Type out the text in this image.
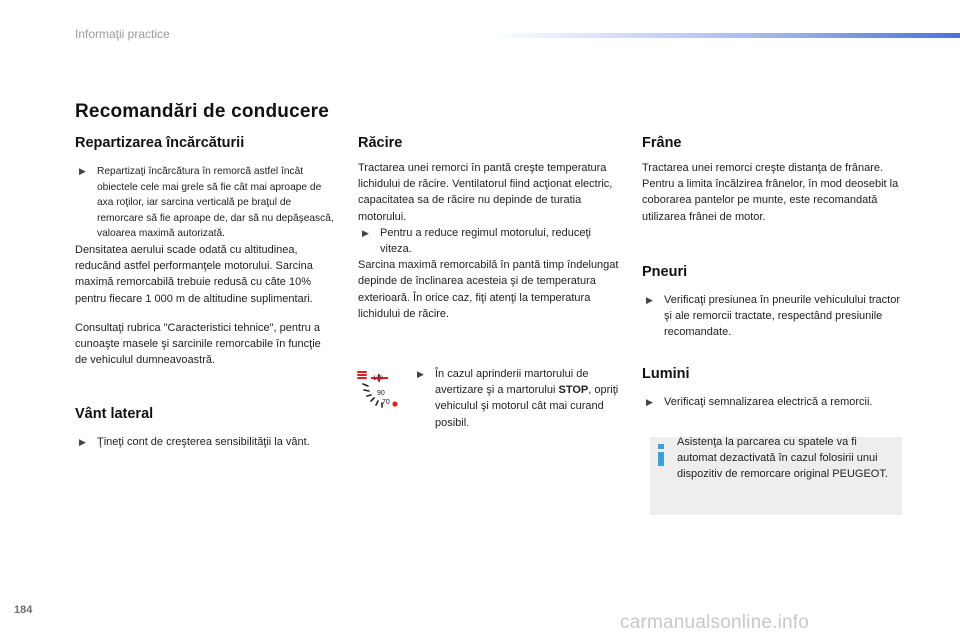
Informaţii practice
Recomandări de conducere
Repartizarea încărcăturii
▶ Repartizaţi încărcătura în remorcă astfel încât obiectele cele mai grele să fie cât mai aproape de axa roţilor, iar sarcina verticală pe braţul de remorcare să fie aproape de, dar să nu depăşească, valoarea maximă autorizată.

Densitatea aerului scade odată cu altitudinea, reducând astfel performanţele motorului. Sarcina maximă remorcabilă trebuie redusă cu câte 10% pentru fiecare 1 000 m de altitudine suplimentari.

Consultaţi rubrica "Caracteristici tehnice", pentru a cunoaşte masele şi sarcinile remorcabile în funcţie de vehiculul dumneavoastră.

Vânt lateral
▶ Ţineţi cont de creşterea sensibilităţii la vânt.
Răcire

Tractarea unei remorci în pantă creşte temperatura lichidului de răcire. Ventilatorul fiind acţionat electric, capacitatea sa de răcire nu depinde de turatia motorului.

▶ Pentru a reduce regimul motorului, reduceţi viteza.

Sarcina maximă remorcabilă în pantă timp îndelungat depinde de înclinarea acesteia şi de temperatura exterioară. În orice caz, fiţi atenţi la temperatura lichidului de răcire.

130
90
70
▶ În cazul aprinderii martorului de avertizare şi a martorului STOP, opriţi vehiculul şi motorul cât mai curand posibil.
Frâne

Tractarea unei remorci creşte distanţa de frânare. Pentru a limita încălzirea frânelor, în mod deosebit la coborarea pantelor pe munte, este recomandată utilizarea frânei de motor.

Pneuri
▶ Verificaţi presiunea în pneurile vehiculului tractor şi ale remorcii tractate, respectând presiunile recomandate.
Lumini
▶ Verificaţi semnalizarea electrică a remorcii.
Asistenţa la parcarea cu spatele va fi automat dezactivată în cazul folosirii unui dispozitiv de remorcare original PEUGEOT.
184
carmanualsonline.info
